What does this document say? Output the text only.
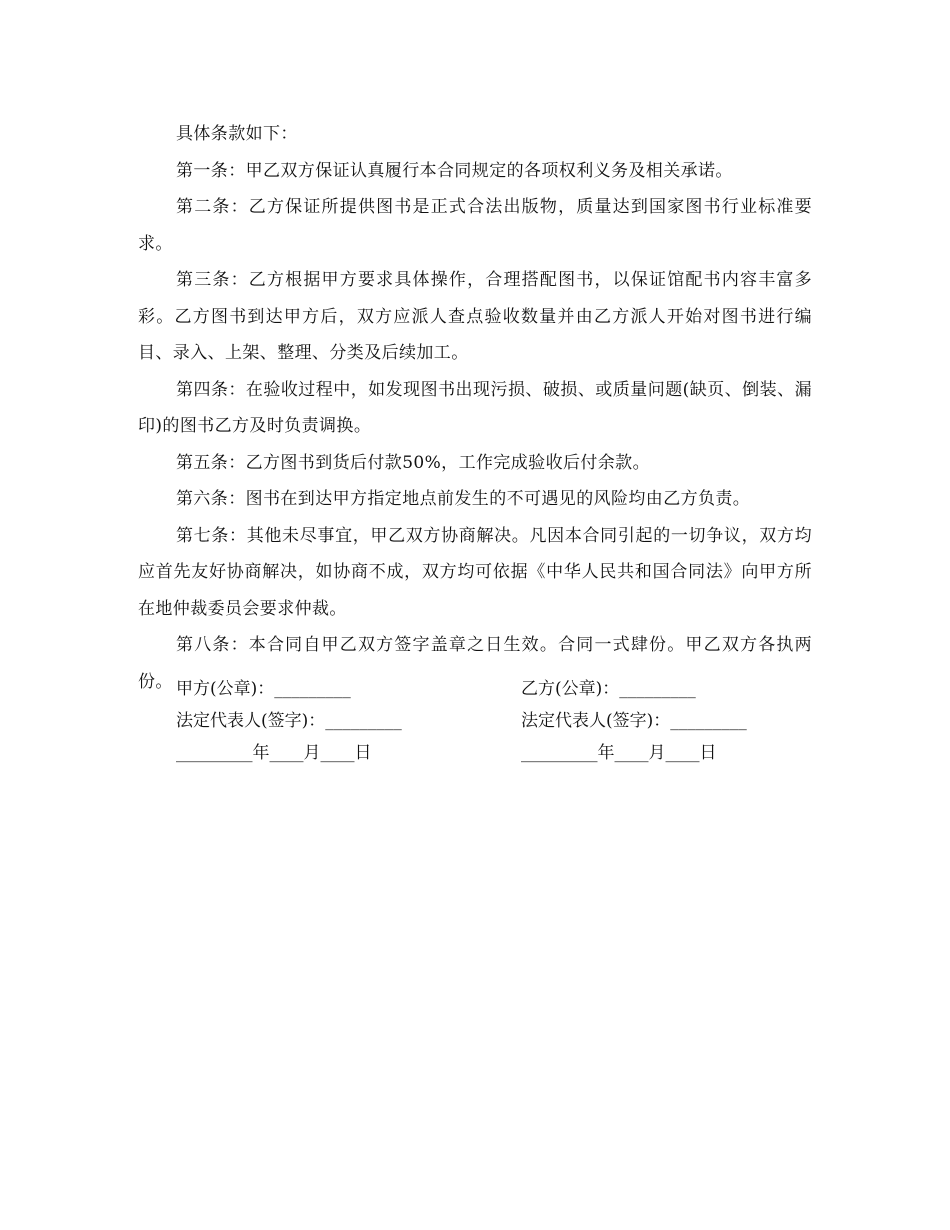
具体条款如下：

第一条：甲乙双方保证认真履行本合同规定的各项权利义务及相关承诺。

第二条：乙方保证所提供图书是正式合法出版物，质量达到国家图书行业标准要求。

第三条：乙方根据甲方要求具体操作，合理搭配图书，以保证馆配书内容丰富多彩。乙方图书到达甲方后，双方应派人查点验收数量并由乙方派人开始对图书进行编目、录入、上架、整理、分类及后续加工。

第四条：在验收过程中，如发现图书出现污损、破损、或质量问题(缺页、倒装、漏印)的图书乙方及时负责调换。

第五条：乙方图书到货后付款50%，工作完成验收后付余款。

第六条：图书在到达甲方指定地点前发生的不可遇见的风险均由乙方负责。

第七条：其他未尽事宜，甲乙双方协商解决。凡因本合同引起的一切争议，双方均应首先友好协商解决，如协商不成，双方均可依据《中华人民共和国合同法》向甲方所在地仲裁委员会要求仲裁。

第八条：本合同自甲乙双方签字盖章之日生效。合同一式肆份。甲乙双方各执两份。 甲方(公章)：_________	乙方(公章)：_________
法定代表人(签字)：_________	法定代表人(签字)：_________
_________年____月____日	_________年____月____日
